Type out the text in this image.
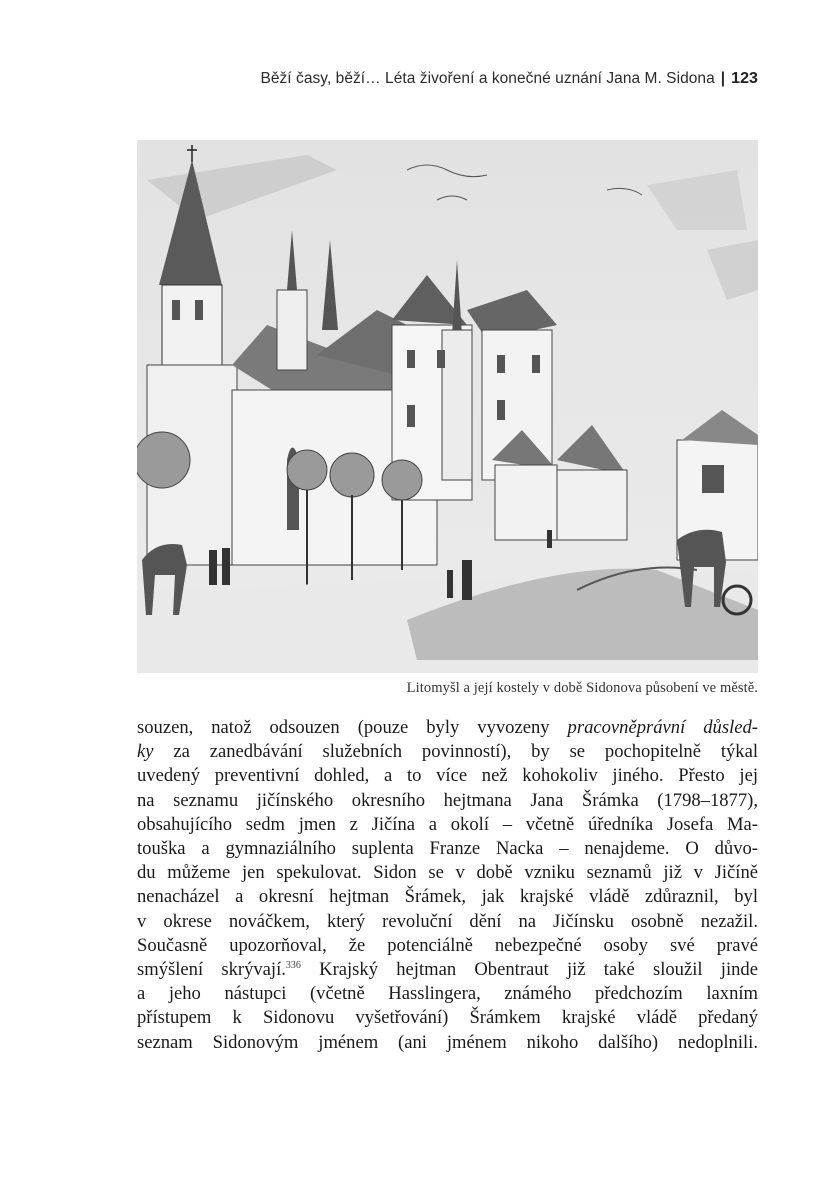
Běží časy, běží… Léta živoření a konečné uznání Jana M. Sidona | 123
Litomyšl a její kostely v době Sidonova působení ve městě.
souzen, natož odsouzen (pouze byly vyvozeny pracovněprávní důsled-
ky za zanedbávání služebních povinností), by se pochopitelně týkal
uvedený preventivní dohled, a to více než kohokoliv jiného. Přesto jej
na seznamu jičínského okresního hejtmana Jana Šrámka (1798–1877),
obsahujícího sedm jmen z Jičína a okolí – včetně úředníka Josefa Ma-
touška a gymnaziálního suplenta Franze Nacka – nenajdeme. O důvo-
du můžeme jen spekulovat. Sidon se v době vzniku seznamů již v Jičíně
nenacházel a okresní hejtman Šrámek, jak krajské vládě zdůraznil, byl
v okrese nováčkem, který revoluční dění na Jičínsku osobně nezažil.
Současně upozorňoval, že potenciálně nebezpečné osoby své pravé
smýšlení skrývají.$^{336}$ Krajský hejtman Obentraut již také sloužil jinde
a jeho nástupci (včetně Hasslingera, známého předchozím laxním
přístupem k Sidonovu vyšetřování) Šrámkem krajské vládě předaný
seznam Sidonovým jménem (ani jménem nikoho dalšího) nedoplnili.
